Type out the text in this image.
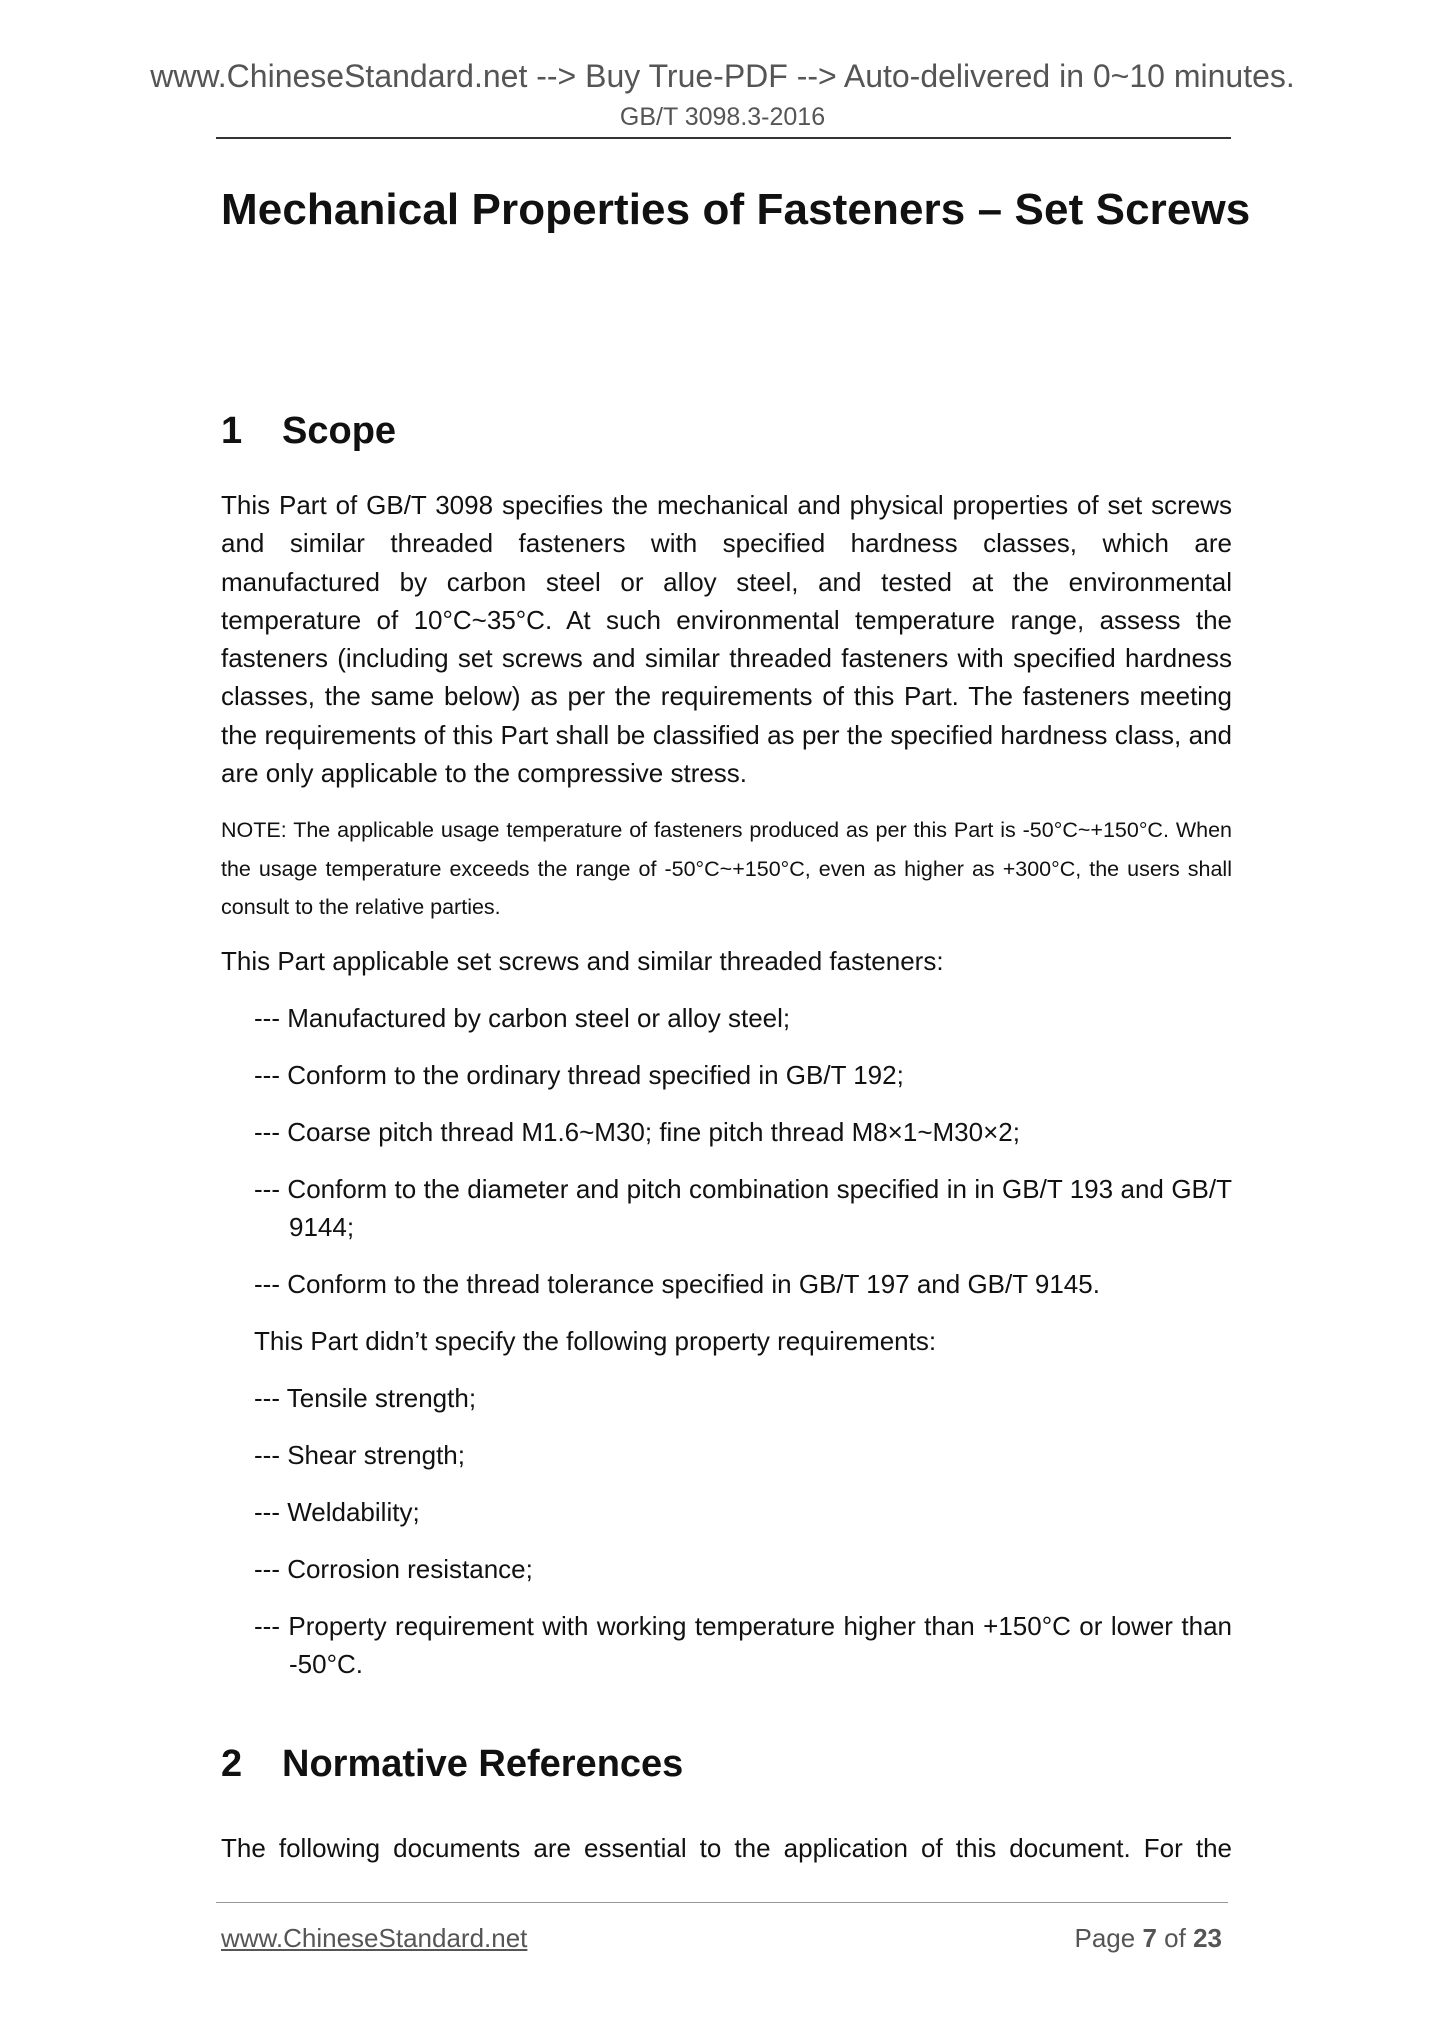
www.ChineseStandard.net --> Buy True-PDF --> Auto-delivered in 0~10 minutes.
GB/T 3098.3-2016
Mechanical Properties of Fasteners – Set Screws
1 Scope

This Part of GB/T 3098 specifies the mechanical and physical properties of set screws and similar threaded fasteners with specified hardness classes, which are manufactured by carbon steel or alloy steel, and tested at the environmental temperature of 10°C~35°C. At such environmental temperature range, assess the fasteners (including set screws and similar threaded fasteners with specified hardness classes, the same below) as per the requirements of this Part. The fasteners meeting the requirements of this Part shall be classified as per the specified hardness class, and are only applicable to the compressive stress.

NOTE: The applicable usage temperature of fasteners produced as per this Part is -50°C~+150°C. When the usage temperature exceeds the range of -50°C~+150°C, even as higher as +300°C, the users shall consult to the relative parties.

This Part applicable set screws and similar threaded fasteners:

--- Manufactured by carbon steel or alloy steel;

--- Conform to the ordinary thread specified in GB/T 192;

--- Coarse pitch thread M1.6~M30; fine pitch thread M8×1~M30×2;

--- Conform to the diameter and pitch combination specified in in GB/T 193 and GB/T 9144;

--- Conform to the thread tolerance specified in GB/T 197 and GB/T 9145.

This Part didn’t specify the following property requirements:

--- Tensile strength;

--- Shear strength;

--- Weldability;

--- Corrosion resistance;

--- Property requirement with working temperature higher than +150°C or lower than -50°C.

2 Normative References

The following documents are essential to the application of this document. For the

www.ChineseStandard.net	Page 7 of 23
